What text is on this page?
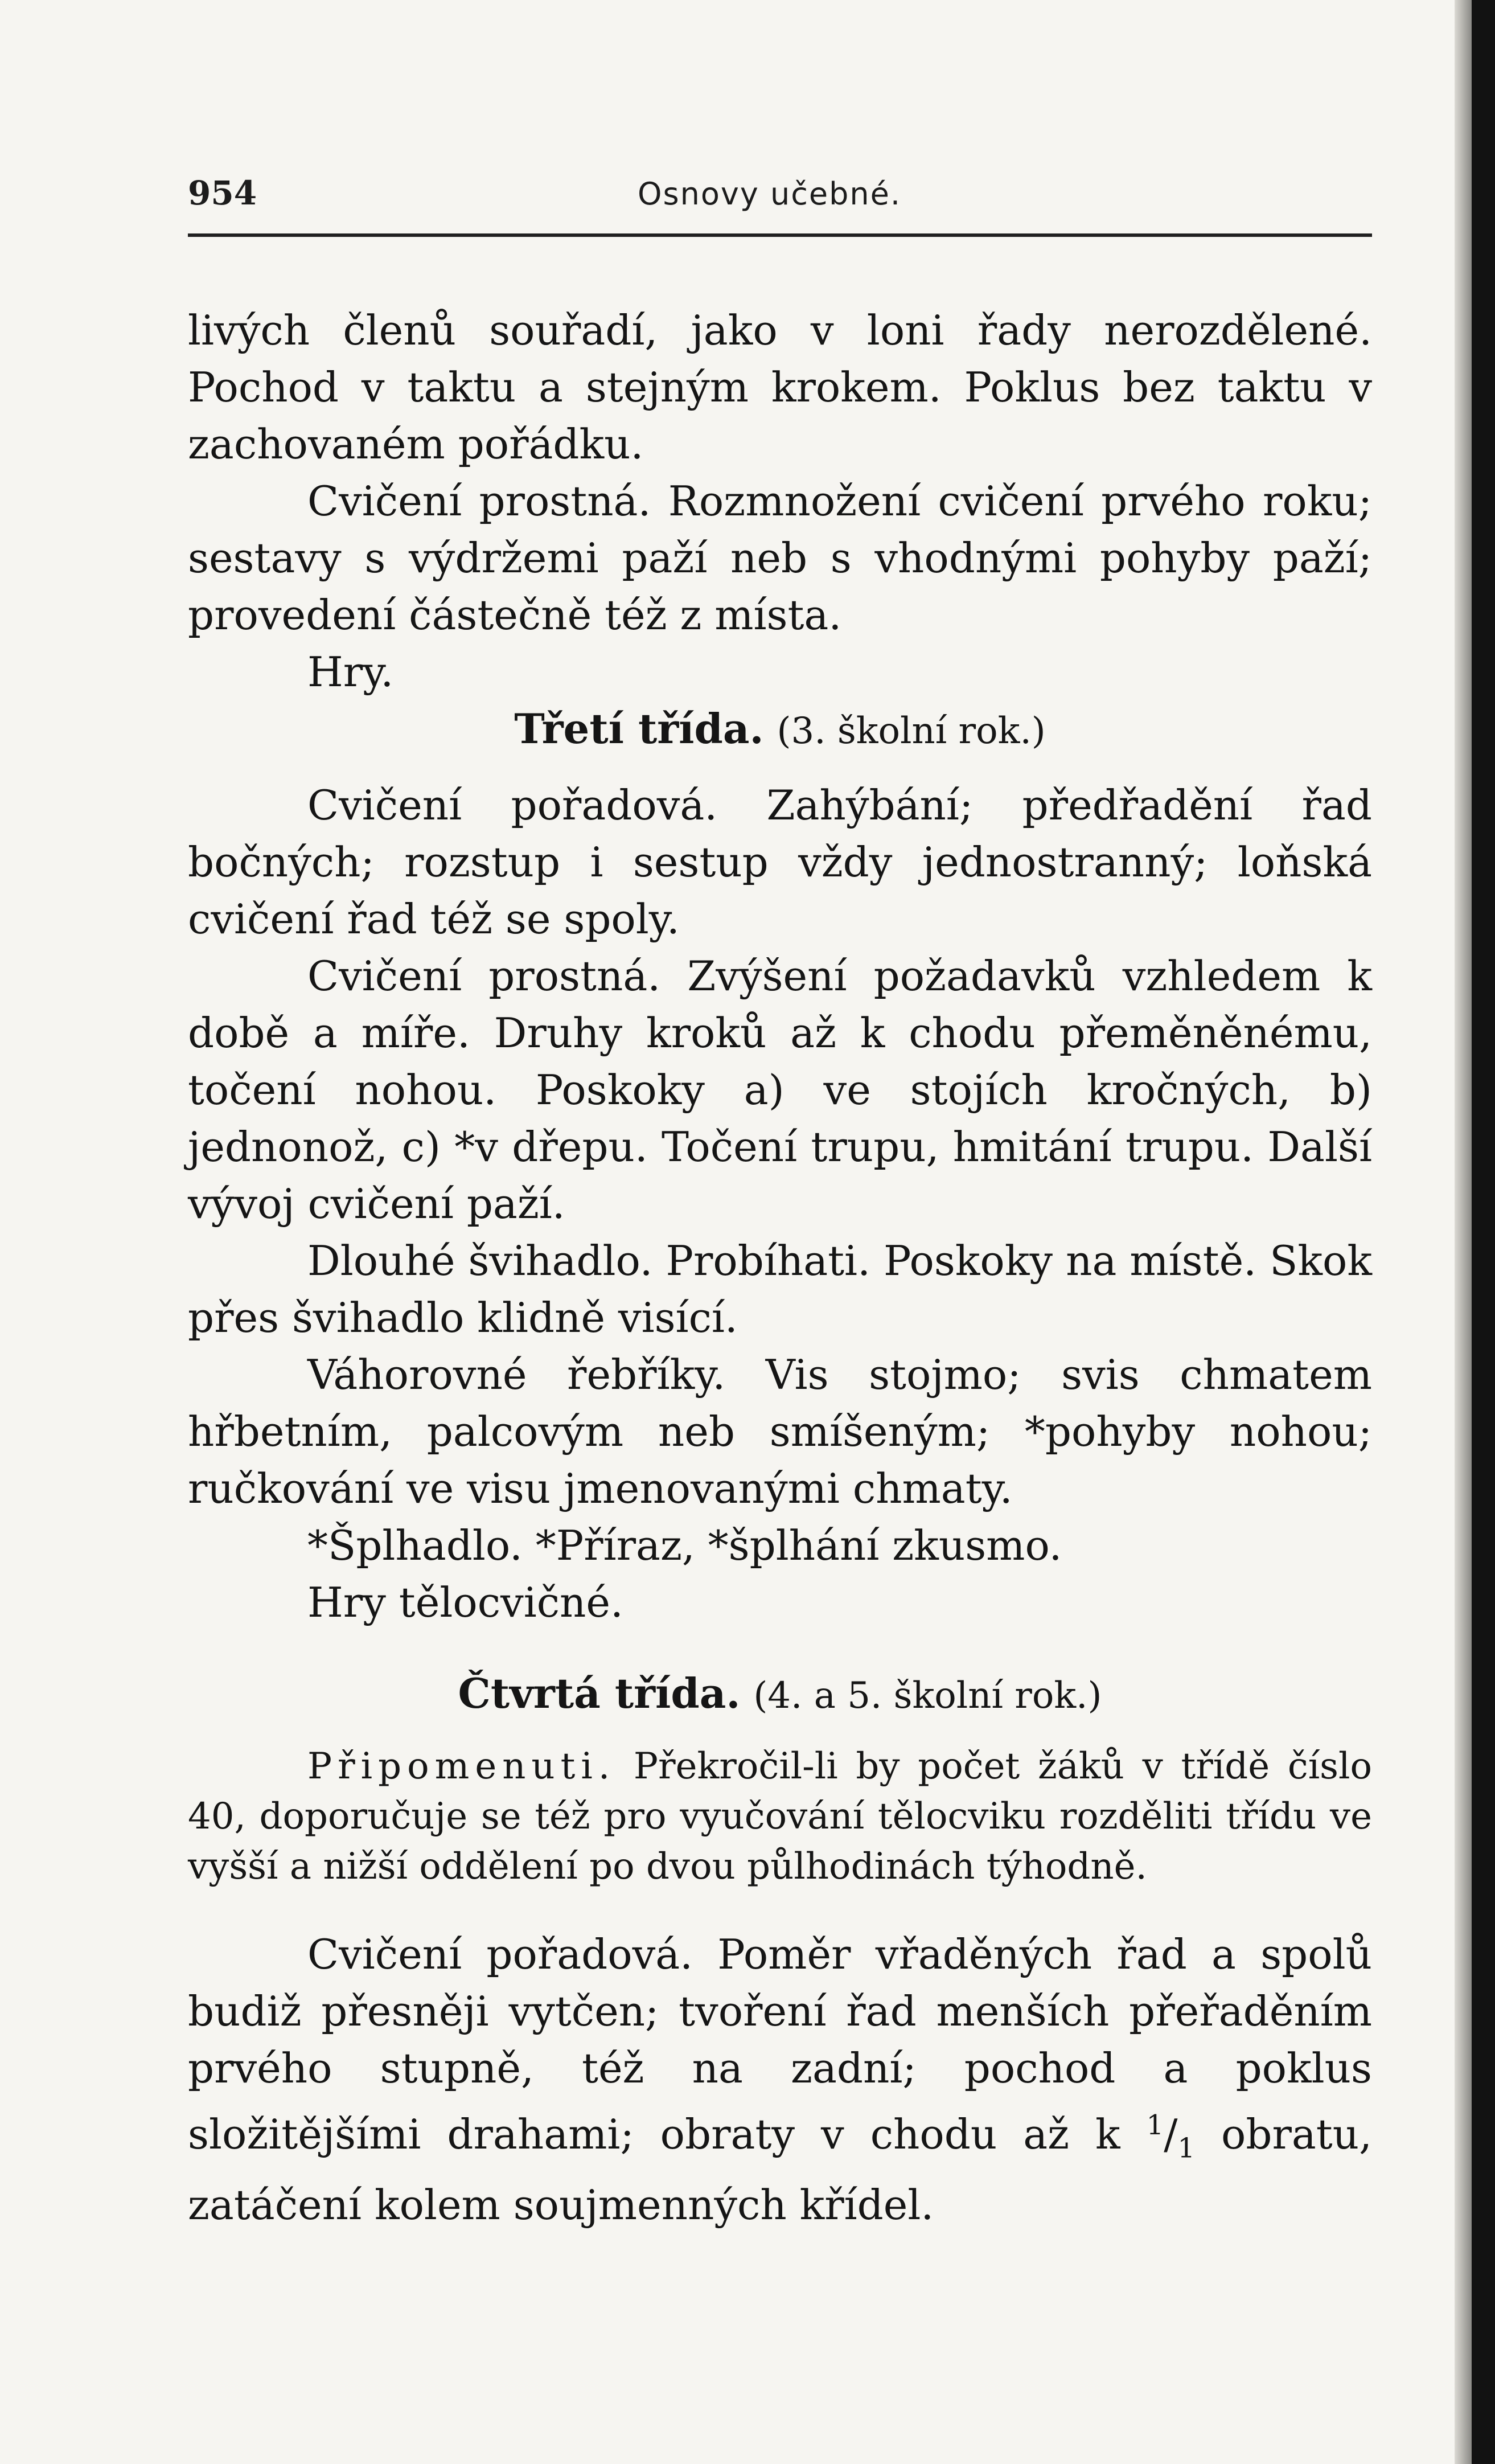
954	Osnovy učebné.

livých členů souřadí, jako v loni řady nerozdělené. Pochod v taktu a stejným krokem. Poklus bez taktu v zachovaném pořádku.

Cvičení prostná. Rozmnožení cvičení prvého roku; sestavy s výdržemi paží neb s vhodnými pohyby paží; provedení částečně též z místa.

Hry.

Třetí třída. (3. školní rok.)

Cvičení pořadová. Zahýbání; předřadění řad bočných; rozstup i sestup vždy jednostranný; loňská cvičení řad též se spoly.

Cvičení prostná. Zvýšení požadavků vzhledem k době a míře. Druhy kroků až k chodu přeměněnému, točení nohou. Poskoky a) ve stojích kročných, b) jednonož, c) *v dřepu. Točení trupu, hmitání trupu. Další vývoj cvičení paží.

Dlouhé švihadlo. Probíhati. Poskoky na místě. Skok přes švihadlo klidně visící.

Váhorovné řebříky. Vis stojmo; svis chmatem hřbetním, palcovým neb smíšeným; *pohyby nohou; ručkování ve visu jmenovanými chmaty.

*Šplhadlo. *Příraz, *šplhání zkusmo.

Hry tělocvičné.

Čtvrtá třída. (4. a 5. školní rok.)

Připomenuti. Překročil-li by počet žáků v třídě číslo 40, doporučuje se též pro vyučování tělocviku rozděliti třídu ve vyšší a nižší oddělení po dvou půlhodinách týhodně.

Cvičení pořadová. Poměr vřaděných řad a spolů budiž přesněji vytčen; tvoření řad menších přeřaděním prvého stupně, též na zadní; pochod a poklus složitějšími drahami; obraty v chodu až k $^1/_1$ obratu, zatáčení kolem soujmenných křídel.
